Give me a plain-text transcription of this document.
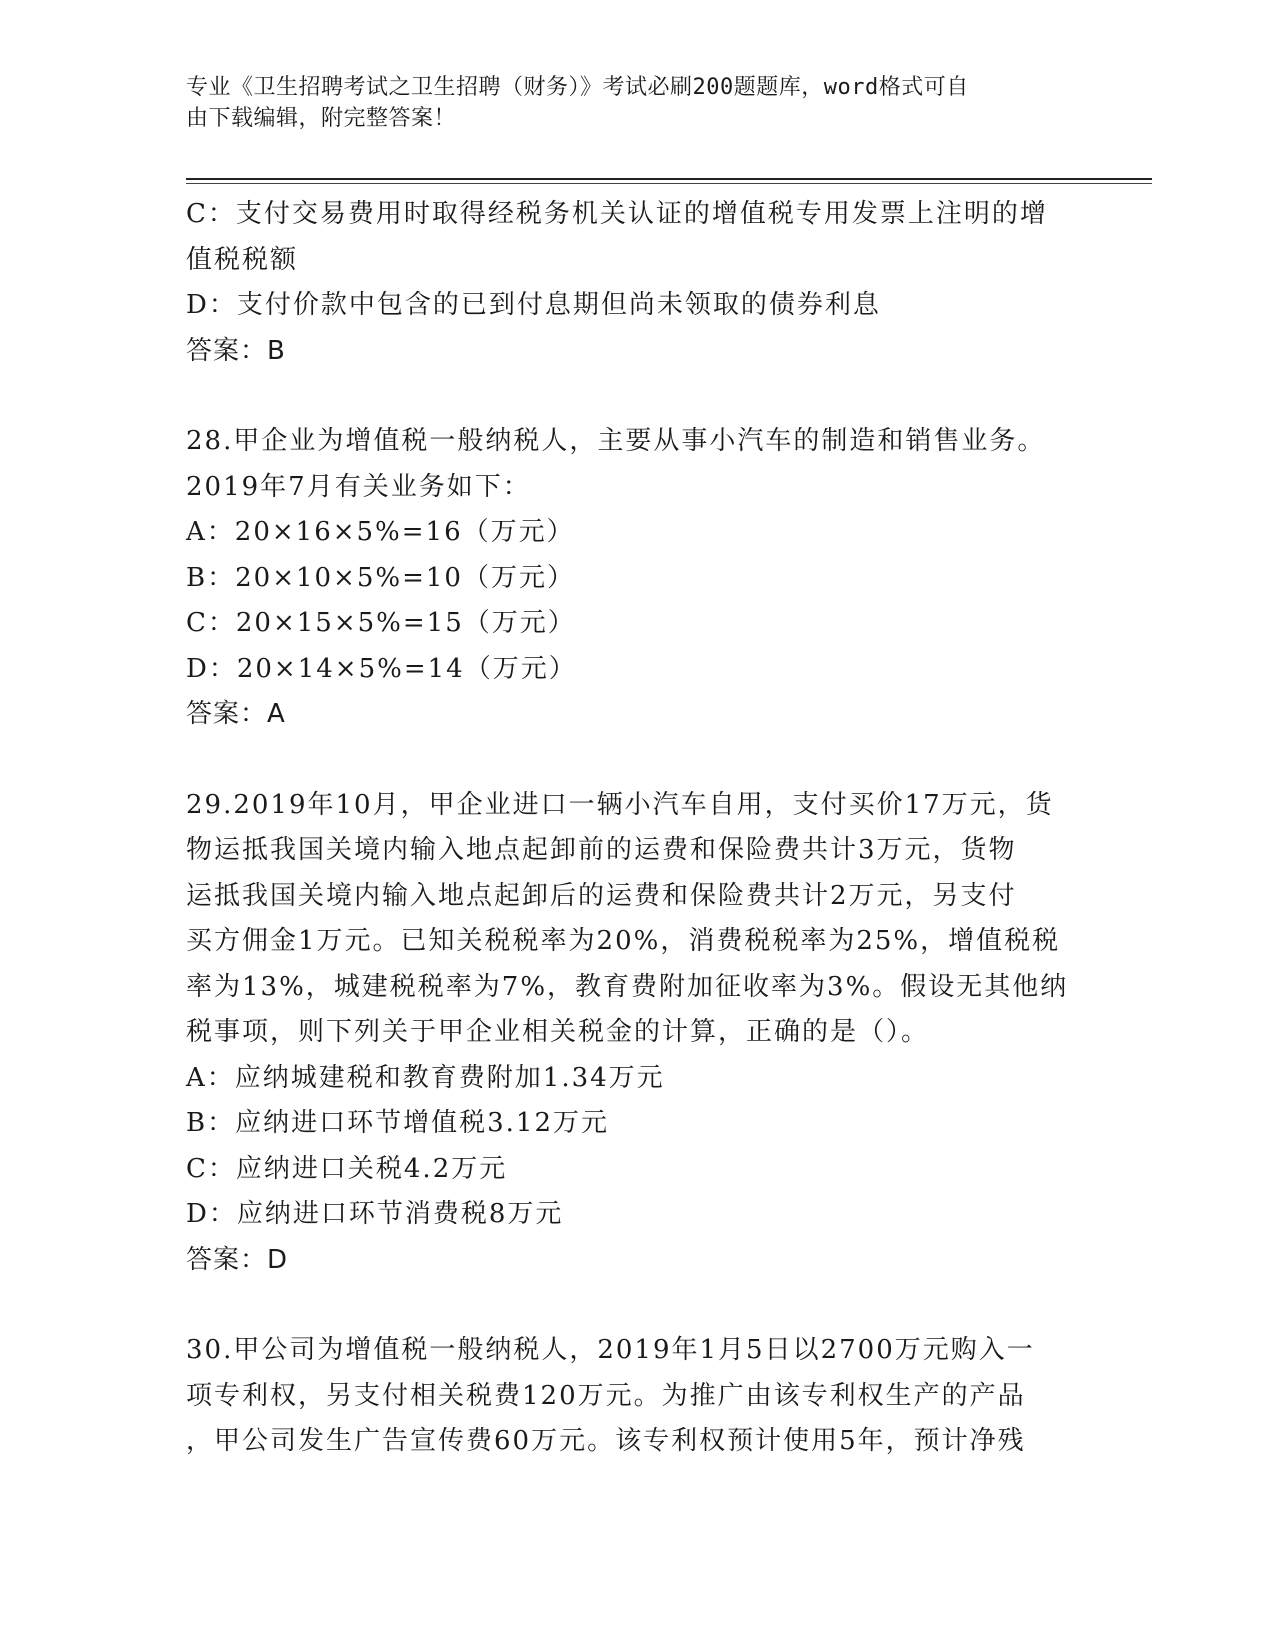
专业《卫生招聘考试之卫生招聘（财务）》考试必刷200题题库，word格式可自
由下载编辑，附完整答案！

C：支付交易费用时取得经税务机关认证的增值税专用发票上注明的增

值税税额

D：支付价款中包含的已到付息期但尚未领取的债券利息

答案：B

28.甲企业为增值税一般纳税人，主要从事小汽车的制造和销售业务。

2019年7月有关业务如下：

A：20×16×5%=16（万元）

B：20×10×5%=10（万元）

C：20×15×5%=15（万元）

D：20×14×5%=14（万元）

答案：A

29.2019年10月，甲企业进口一辆小汽车自用，支付买价17万元，货

物运抵我国关境内输入地点起卸前的运费和保险费共计3万元，货物

运抵我国关境内输入地点起卸后的运费和保险费共计2万元，另支付

买方佣金1万元。已知关税税率为20%，消费税税率为25%，增值税税

率为13%，城建税税率为7%，教育费附加征收率为3%。假设无其他纳

税事项，则下列关于甲企业相关税金的计算，正确的是（）。

A：应纳城建税和教育费附加1.34万元

B：应纳进口环节增值税3.12万元

C：应纳进口关税4.2万元

D：应纳进口环节消费税8万元

答案：D

30.甲公司为增值税一般纳税人，2019年1月5日以2700万元购入一

项专利权，另支付相关税费120万元。为推广由该专利权生产的产品

，甲公司发生广告宣传费60万元。该专利权预计使用5年，预计净残
